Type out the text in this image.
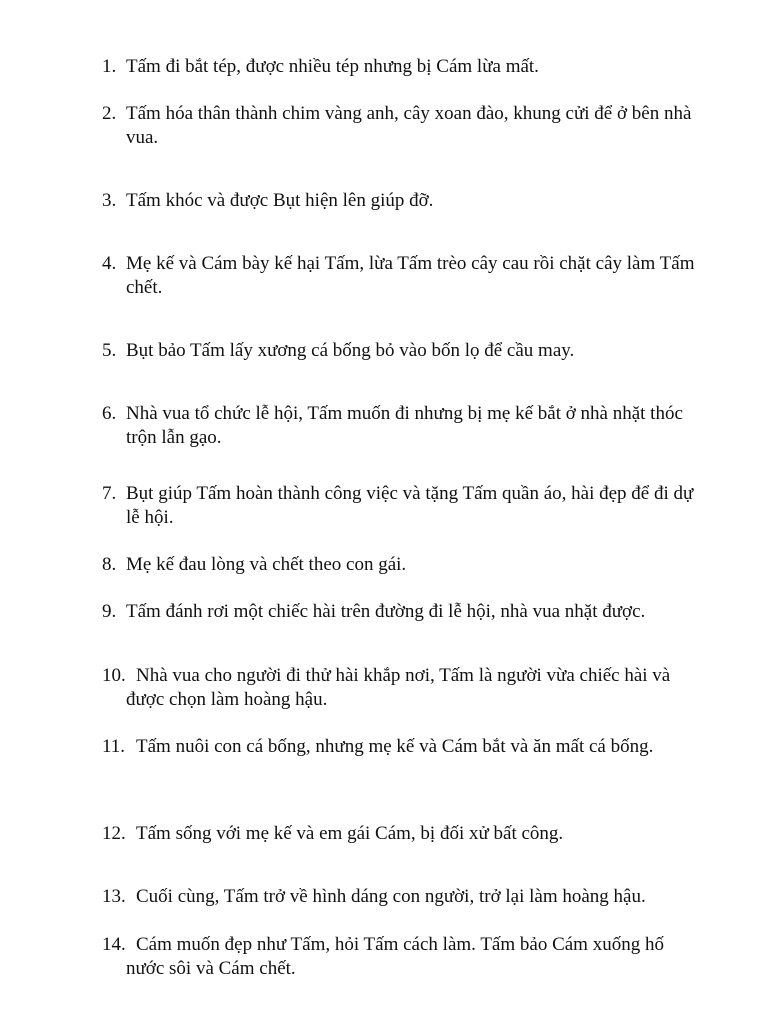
1. Tấm đi bắt tép, được nhiều tép nhưng bị Cám lừa mất.
2. Tấm hóa thân thành chim vàng anh, cây xoan đào, khung cửi để ở bên nhà vua.
3. Tấm khóc và được Bụt hiện lên giúp đỡ.
4. Mẹ kế và Cám bày kế hại Tấm, lừa Tấm trèo cây cau rồi chặt cây làm Tấm chết.
5. Bụt bảo Tấm lấy xương cá bống bỏ vào bốn lọ để cầu may.
6. Nhà vua tổ chức lễ hội, Tấm muốn đi nhưng bị mẹ kế bắt ở nhà nhặt thóc trộn lẫn gạo.
7. Bụt giúp Tấm hoàn thành công việc và tặng Tấm quần áo, hài đẹp để đi dự lễ hội.
8. Mẹ kế đau lòng và chết theo con gái.
9. Tấm đánh rơi một chiếc hài trên đường đi lễ hội, nhà vua nhặt được.
10. Nhà vua cho người đi thử hài khắp nơi, Tấm là người vừa chiếc hài và được chọn làm hoàng hậu.
11. Tấm nuôi con cá bống, nhưng mẹ kế và Cám bắt và ăn mất cá bống.
12. Tấm sống với mẹ kế và em gái Cám, bị đối xử bất công.
13. Cuối cùng, Tấm trở về hình dáng con người, trở lại làm hoàng hậu.
14. Cám muốn đẹp như Tấm, hỏi Tấm cách làm. Tấm bảo Cám xuống hố nước sôi và Cám chết.
